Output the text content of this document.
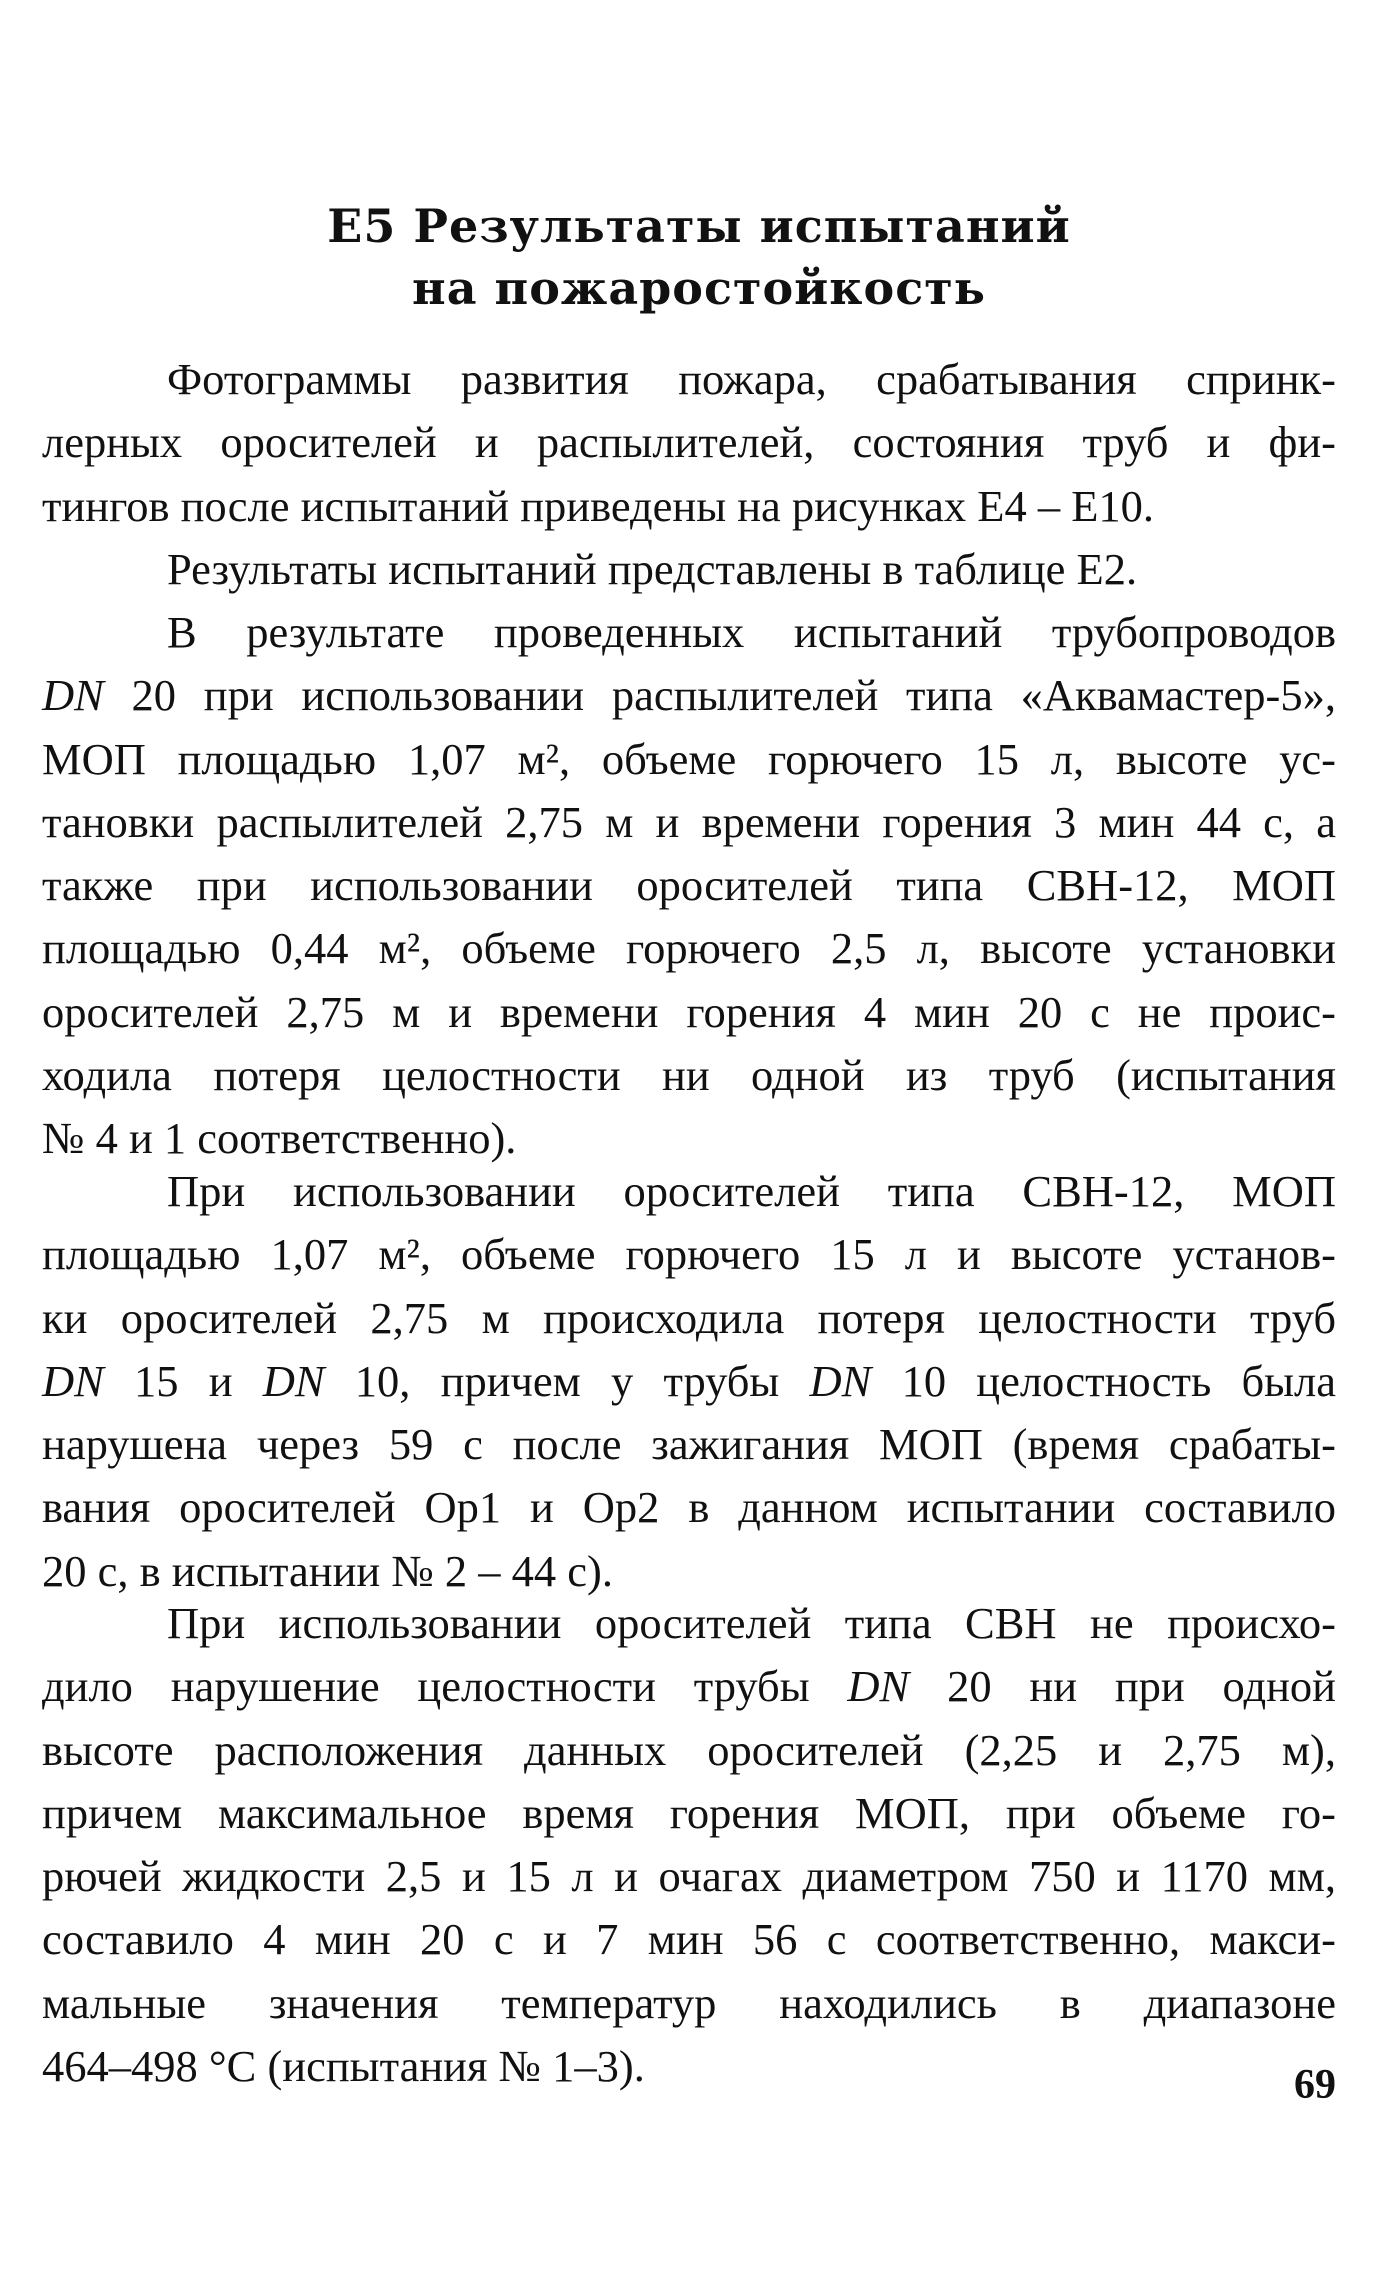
Е5 Результаты испытаний
на пожаростойкость
Фотограммы развития пожара, срабатывания спринк-
лерных оросителей и распылителей, состояния труб и фи-
тингов после испытаний приведены на рисунках Е4 – Е10.
Результаты испытаний представлены в таблице Е2.
В результате проведенных испытаний трубопроводов
DN 20 при использовании распылителей типа «Аквамастер-5»,
МОП площадью 1,07 м², объеме горючего 15 л, высоте ус-
тановки распылителей 2,75 м и времени горения 3 мин 44 с, а
также при использовании оросителей типа СВН-12, МОП
площадью 0,44 м², объеме горючего 2,5 л, высоте установки
оросителей 2,75 м и времени горения 4 мин 20 с не проис-
ходила потеря целостности ни одной из труб (испытания
№ 4 и 1 соответственно).
При использовании оросителей типа СВН-12, МОП
площадью 1,07 м², объеме горючего 15 л и высоте установ-
ки оросителей 2,75 м происходила потеря целостности труб
DN 15 и DN 10, причем у трубы DN 10 целостность была
нарушена через 59 с после зажигания МОП (время срабаты-
вания оросителей Ор1 и Ор2 в данном испытании составило
20 с, в испытании № 2 – 44 с).
При использовании оросителей типа СВН не происхо-
дило нарушение целостности трубы DN 20 ни при одной
высоте расположения данных оросителей (2,25 и 2,75 м),
причем максимальное время горения МОП, при объеме го-
рючей жидкости 2,5 и 15 л и очагах диаметром 750 и 1170 мм,
составило 4 мин 20 с и 7 мин 56 с соответственно, макси-
мальные значения температур находились в диапазоне
464–498 °С (испытания № 1–3).	69
